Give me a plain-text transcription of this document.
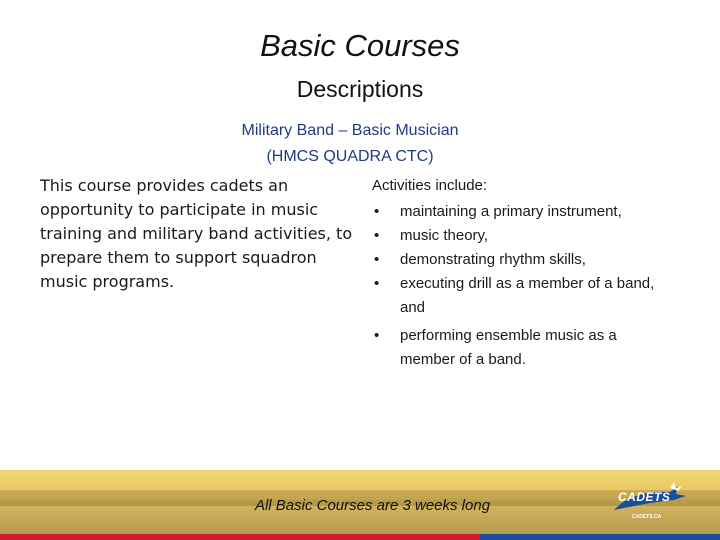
Basic Courses
Descriptions
Military Band – Basic Musician
(HMCS QUADRA CTC)
This course provides cadets an opportunity to participate in music training and military band activities, to prepare them to support squadron music programs.
Activities include:
• maintaining a primary instrument,
• music theory,
• demonstrating rhythm skills,
• executing drill as a member of a band, and
• performing ensemble music as a member of a band.
All Basic Courses are 3 weeks long	CADETS
CADETS.CA
